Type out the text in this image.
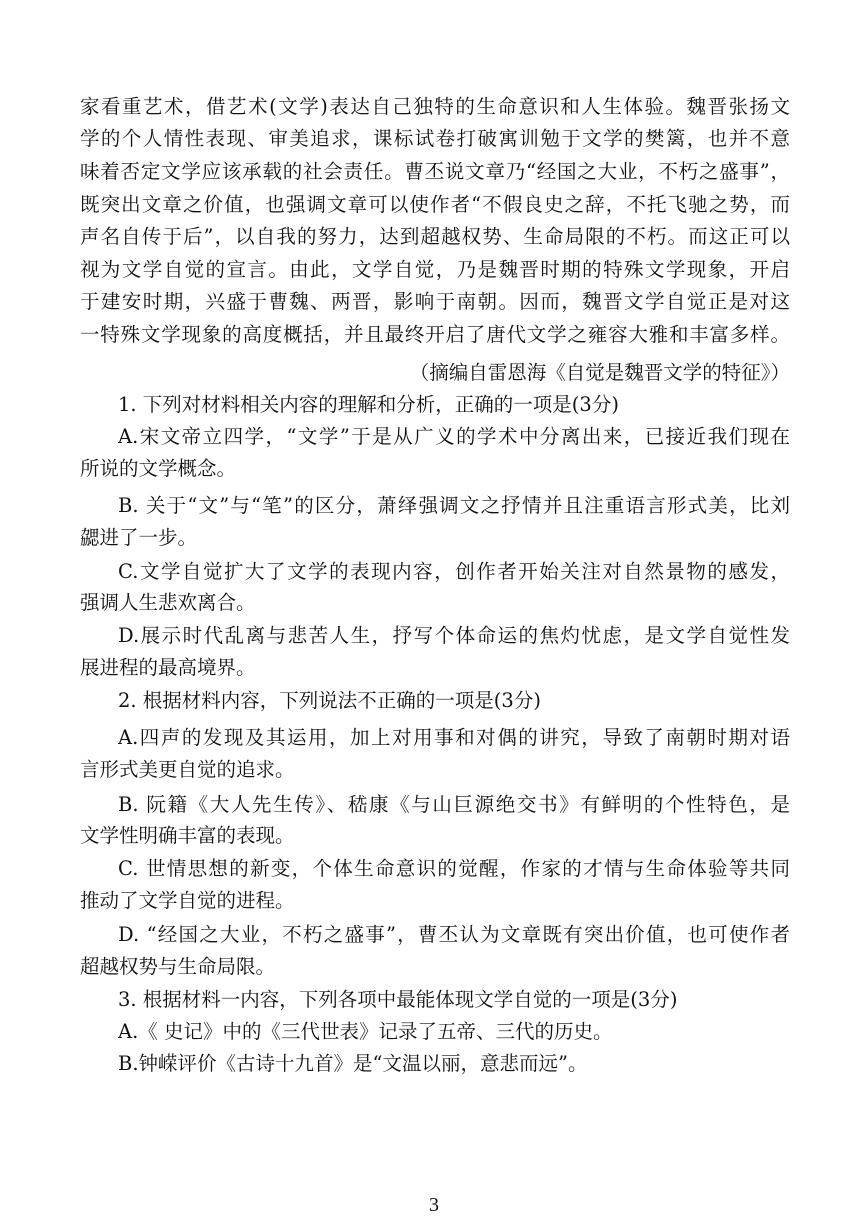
家看重艺术，借艺术(文学)表达自己独特的生命意识和人生体验。魏晋张扬文
学的个人情性表现、审美追求，课标试卷打破寓训勉于文学的樊篱，也并不意
味着否定文学应该承载的社会责任。曹丕说文章乃“经国之大业，不朽之盛事”，
既突出文章之价值，也强调文章可以使作者“不假良史之辞，不托飞驰之势，而
声名自传于后”，以自我的努力，达到超越权势、生命局限的不朽。而这正可以
视为文学自觉的宣言。由此，文学自觉，乃是魏晋时期的特殊文学现象，开启
于建安时期，兴盛于曹魏、两晋，影响于南朝。因而，魏晋文学自觉正是对这
一特殊文学现象的高度概括，并且最终开启了唐代文学之雍容大雅和丰富多样。
（摘编自雷恩海《自觉是魏晋文学的特征》）
1. 下列对材料相关内容的理解和分析，正确的一项是(3分)
A.宋文帝立四学，“文学”于是从广义的学术中分离出来，已接近我们现在
所说的文学概念。
B. 关于“文”与“笔”的区分，萧绎强调文之抒情并且注重语言形式美，比刘
勰进了一步。
C.文学自觉扩大了文学的表现内容，创作者开始关注对自然景物的感发，
强调人生悲欢离合。
D.展示时代乱离与悲苦人生，抒写个体命运的焦灼忧虑，是文学自觉性发
展进程的最高境界。
2. 根据材料内容，下列说法不正确的一项是(3分)
A.四声的发现及其运用，加上对用事和对偶的讲究，导致了南朝时期对语
言形式美更自觉的追求。
B. 阮籍《大人先生传》、嵇康《与山巨源绝交书》有鲜明的个性特色，是
文学性明确丰富的表现。
C. 世情思想的新变，个体生命意识的觉醒，作家的才情与生命体验等共同
推动了文学自觉的进程。
D. “经国之大业，不朽之盛事”，曹丕认为文章既有突出价值，也可使作者
超越权势与生命局限。
3. 根据材料一内容，下列各项中最能体现文学自觉的一项是(3分)
A.《 史记》中的《三代世表》记录了五帝、三代的历史。
B.钟嵘评价《古诗十九首》是“文温以丽，意悲而远”。
3
